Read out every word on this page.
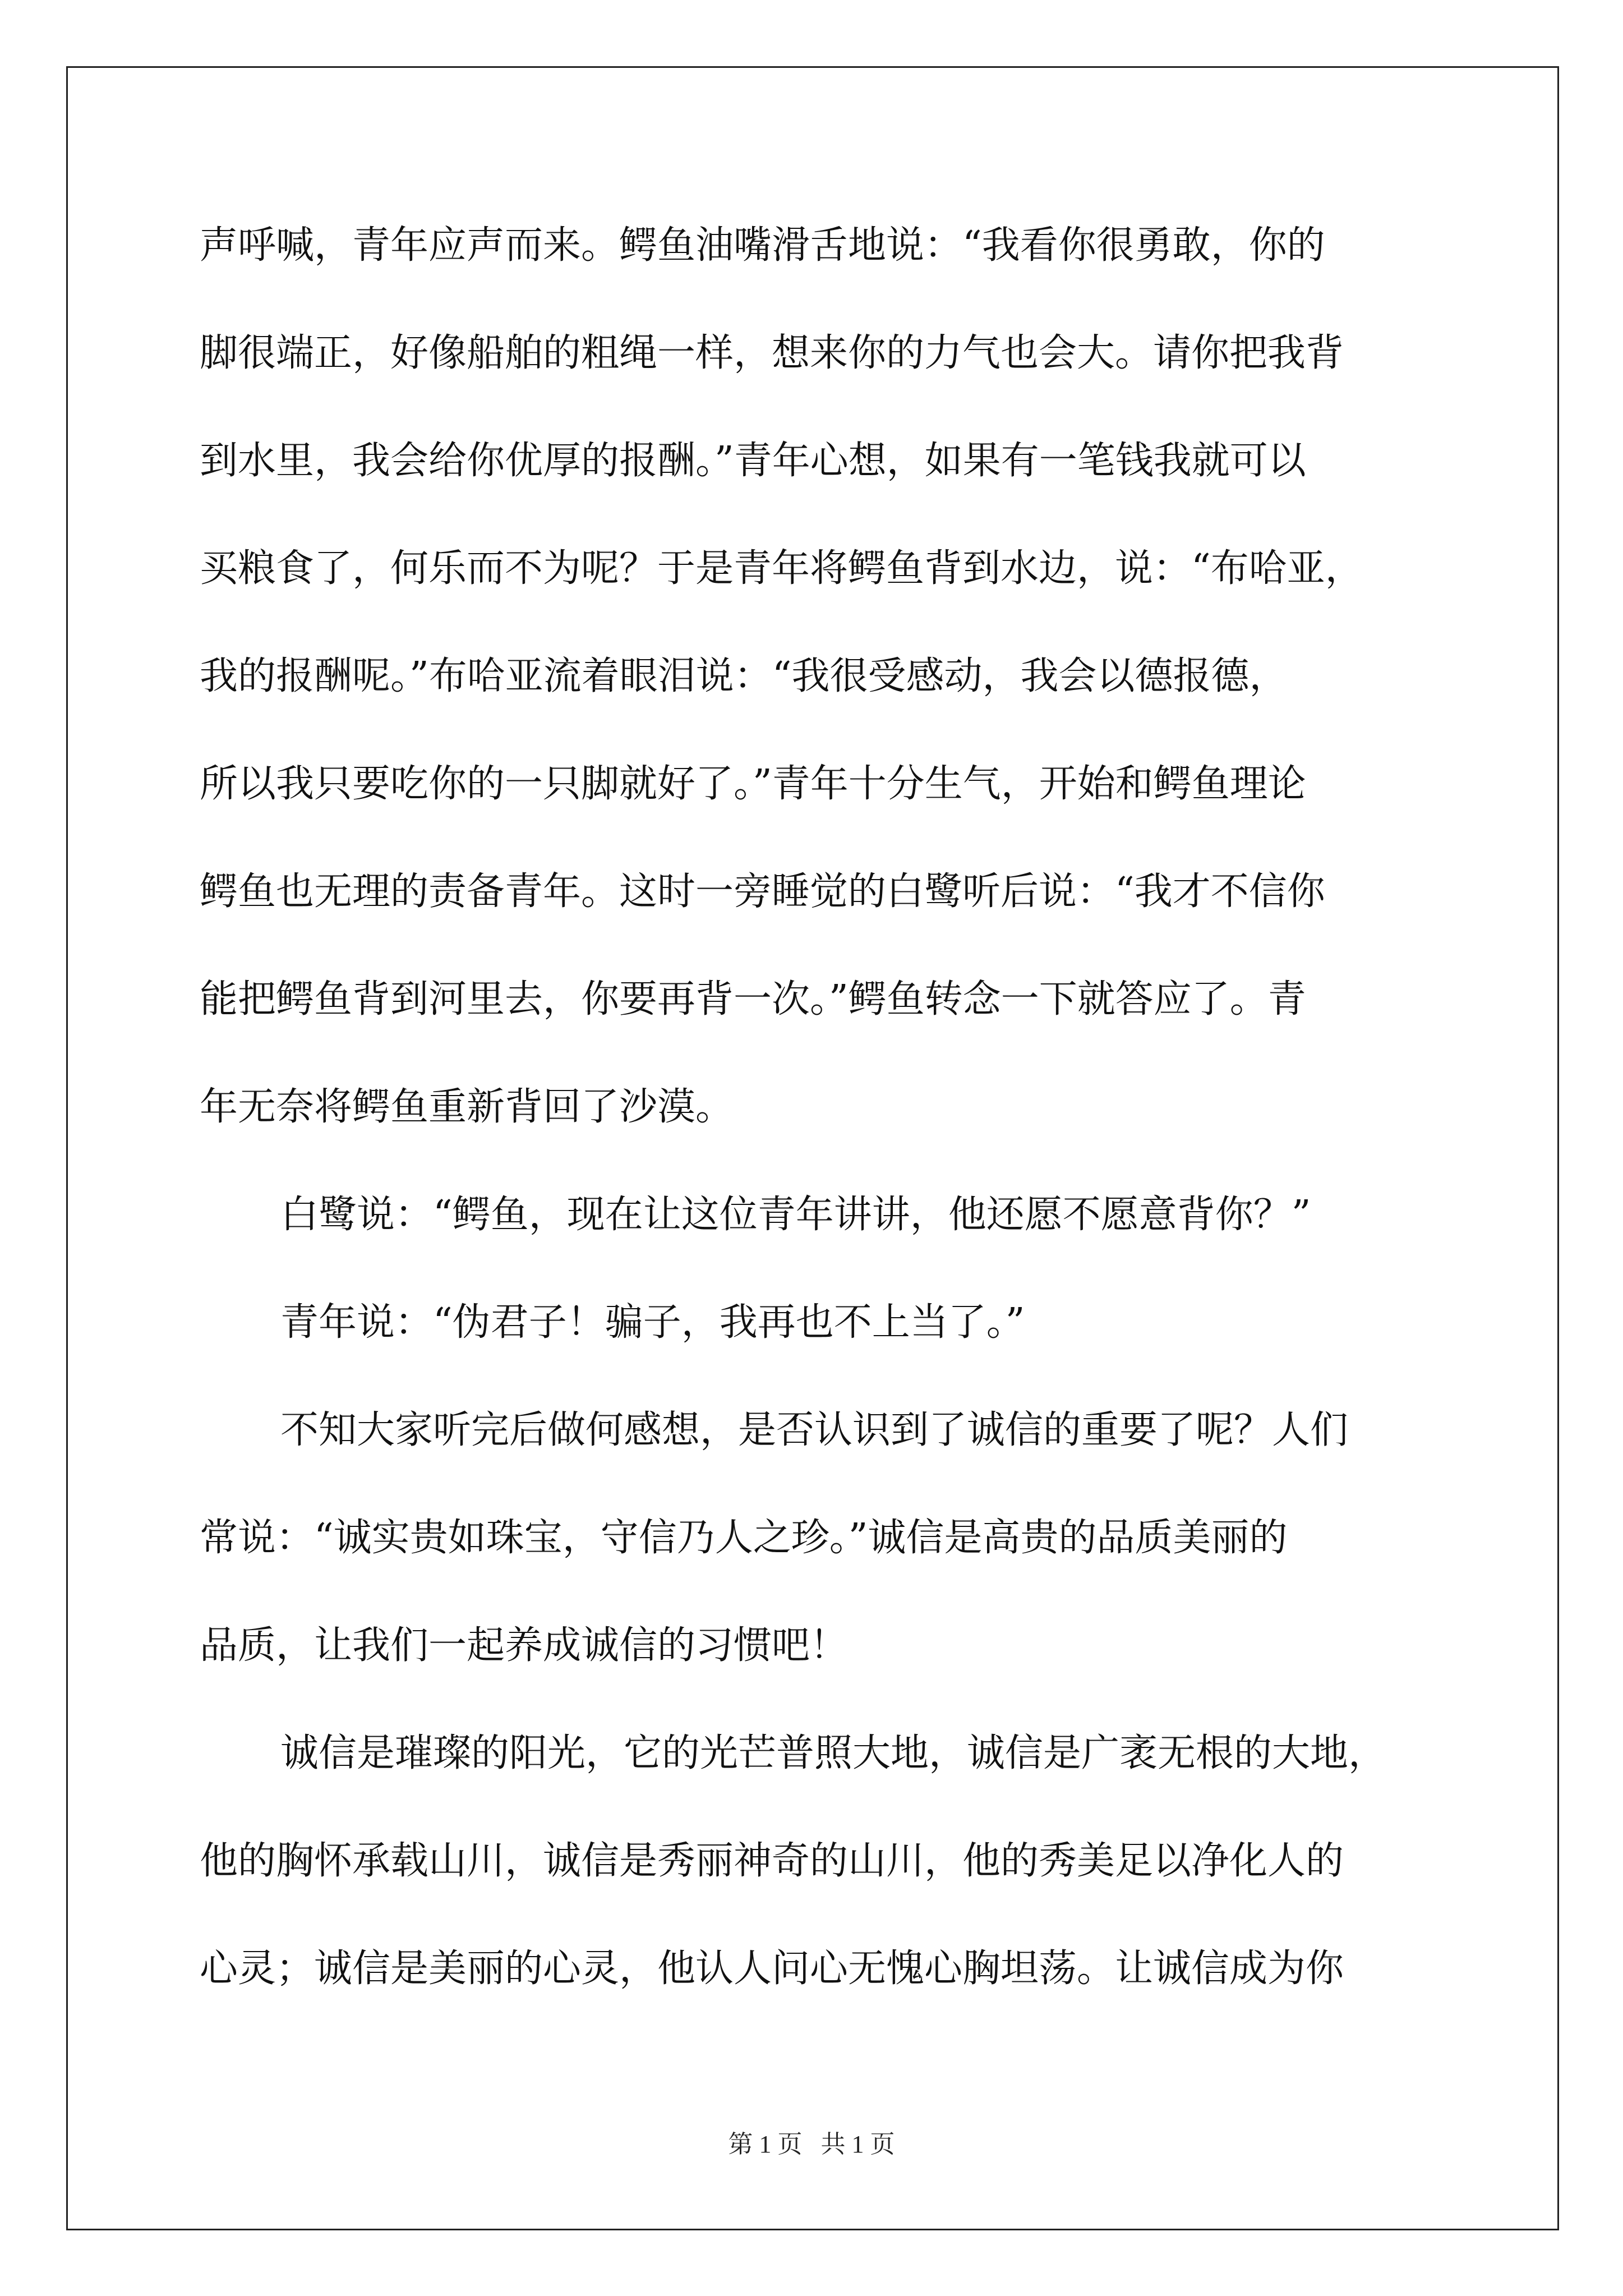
声呼喊，青年应声而来。鳄鱼油嘴滑舌地说：“我看你很勇敢，你的
脚很端正，好像船舶的粗绳一样，想来你的力气也会大。请你把我背
到水里，我会给你优厚的报酬。”青年心想，如果有一笔钱我就可以
买粮食了，何乐而不为呢？于是青年将鳄鱼背到水边，说：“布哈亚，
我的报酬呢。”布哈亚流着眼泪说：“我很受感动，我会以德报德，
所以我只要吃你的一只脚就好了。”青年十分生气，开始和鳄鱼理论
鳄鱼也无理的责备青年。这时一旁睡觉的白鹭听后说：“我才不信你
能把鳄鱼背到河里去，你要再背一次。”鳄鱼转念一下就答应了。青
年无奈将鳄鱼重新背回了沙漠。
白鹭说：“鳄鱼，现在让这位青年讲讲，他还愿不愿意背你？”
青年说：“伪君子！骗子，我再也不上当了。”
不知大家听完后做何感想，是否认识到了诚信的重要了呢？人们
常说：“诚实贵如珠宝，守信乃人之珍。”诚信是高贵的品质美丽的
品质，让我们一起养成诚信的习惯吧！
诚信是璀璨的阳光，它的光芒普照大地，诚信是广袤无根的大地，
他的胸怀承载山川，诚信是秀丽神奇的山川，他的秀美足以净化人的
心灵；诚信是美丽的心灵，他认人问心无愧心胸坦荡。让诚信成为你
第 1 页   共 1 页
